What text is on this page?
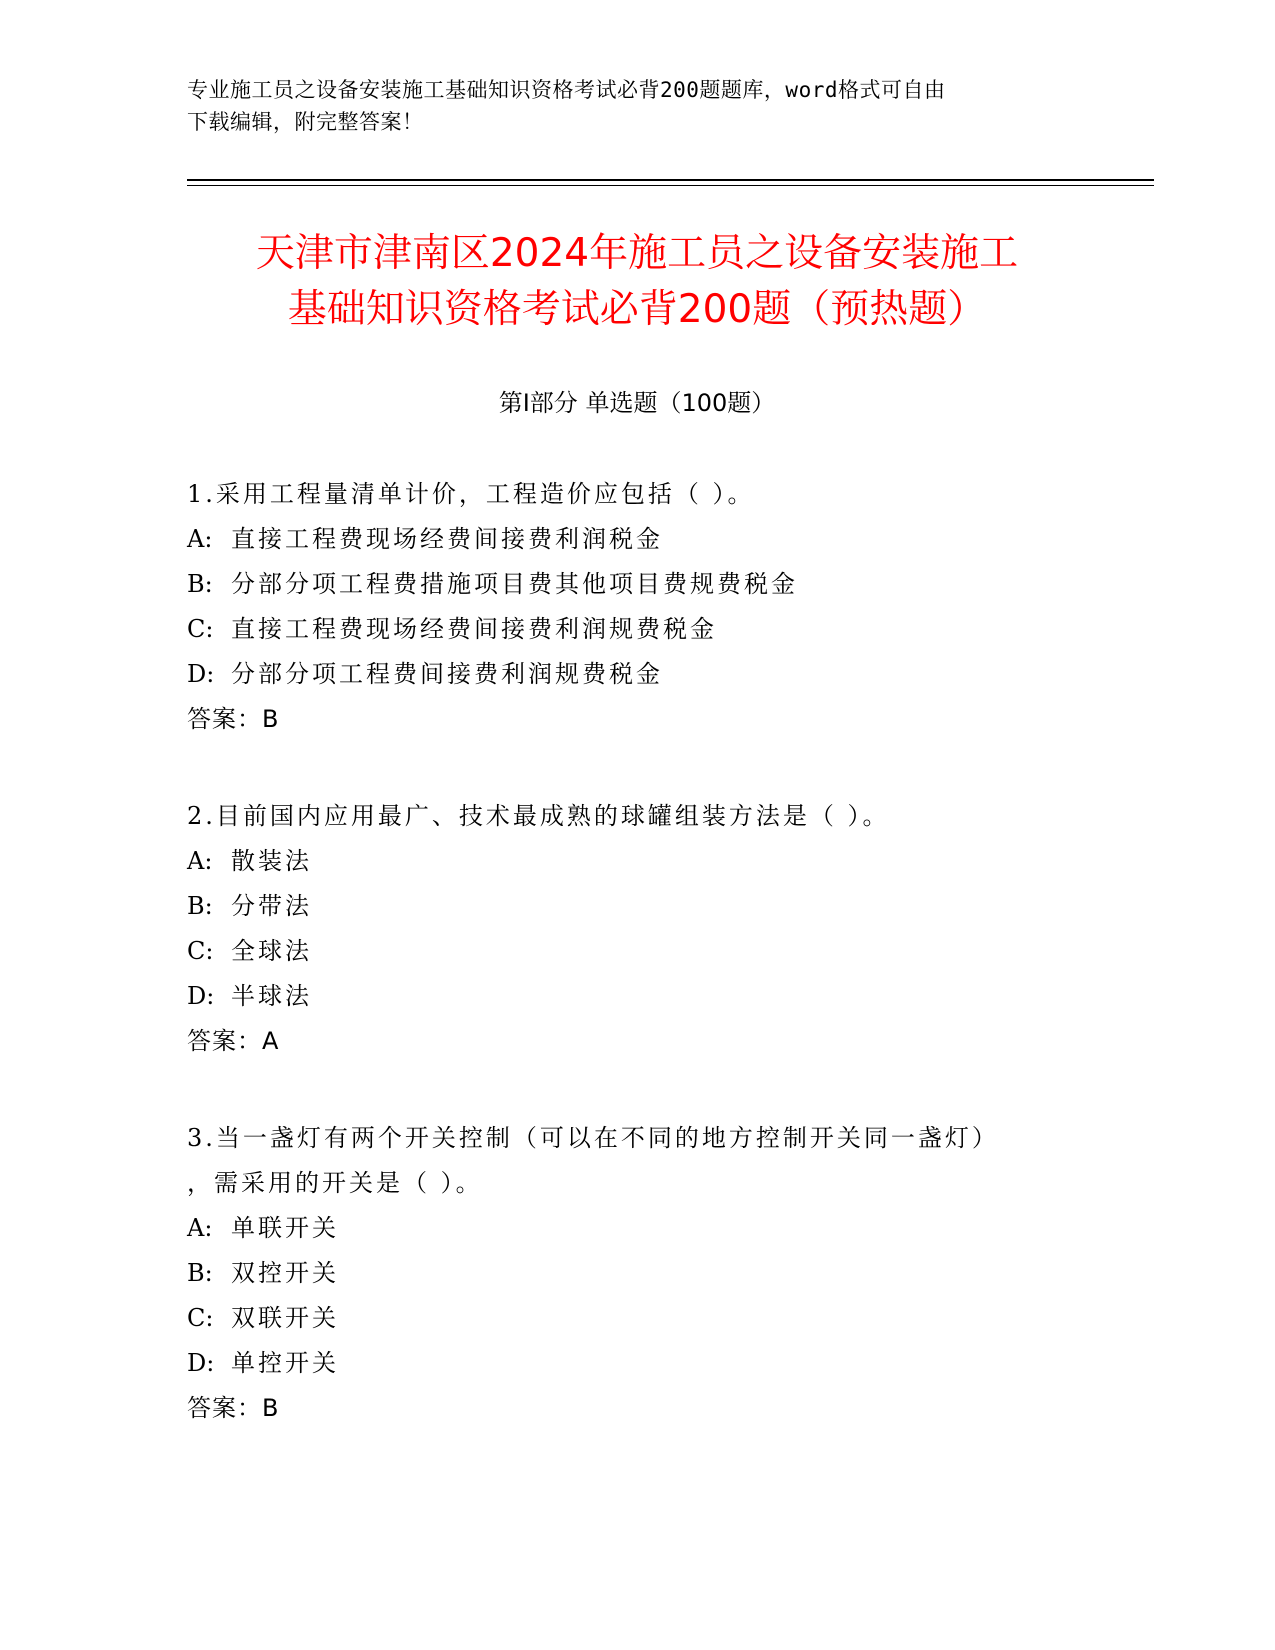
专业施工员之设备安装施工基础知识资格考试必背200题题库，word格式可自由
下载编辑，附完整答案！
天津市津南区2024年施工员之设备安装施工
基础知识资格考试必背200题（预热题）
第Ⅰ部分 单选题（100题）
1.采用工程量清单计价，工程造价应包括（ ）。
A: 直接工程费现场经费间接费利润税金
B: 分部分项工程费措施项目费其他项目费规费税金
C: 直接工程费现场经费间接费利润规费税金
D: 分部分项工程费间接费利润规费税金
答案：B
2.目前国内应用最广、技术最成熟的球罐组装方法是（ ）。
A: 散装法
B: 分带法
C: 全球法
D: 半球法
答案：A
3.当一盏灯有两个开关控制（可以在不同的地方控制开关同一盏灯）
，需采用的开关是（ ）。
A: 单联开关
B: 双控开关
C: 双联开关
D: 单控开关
答案：B
